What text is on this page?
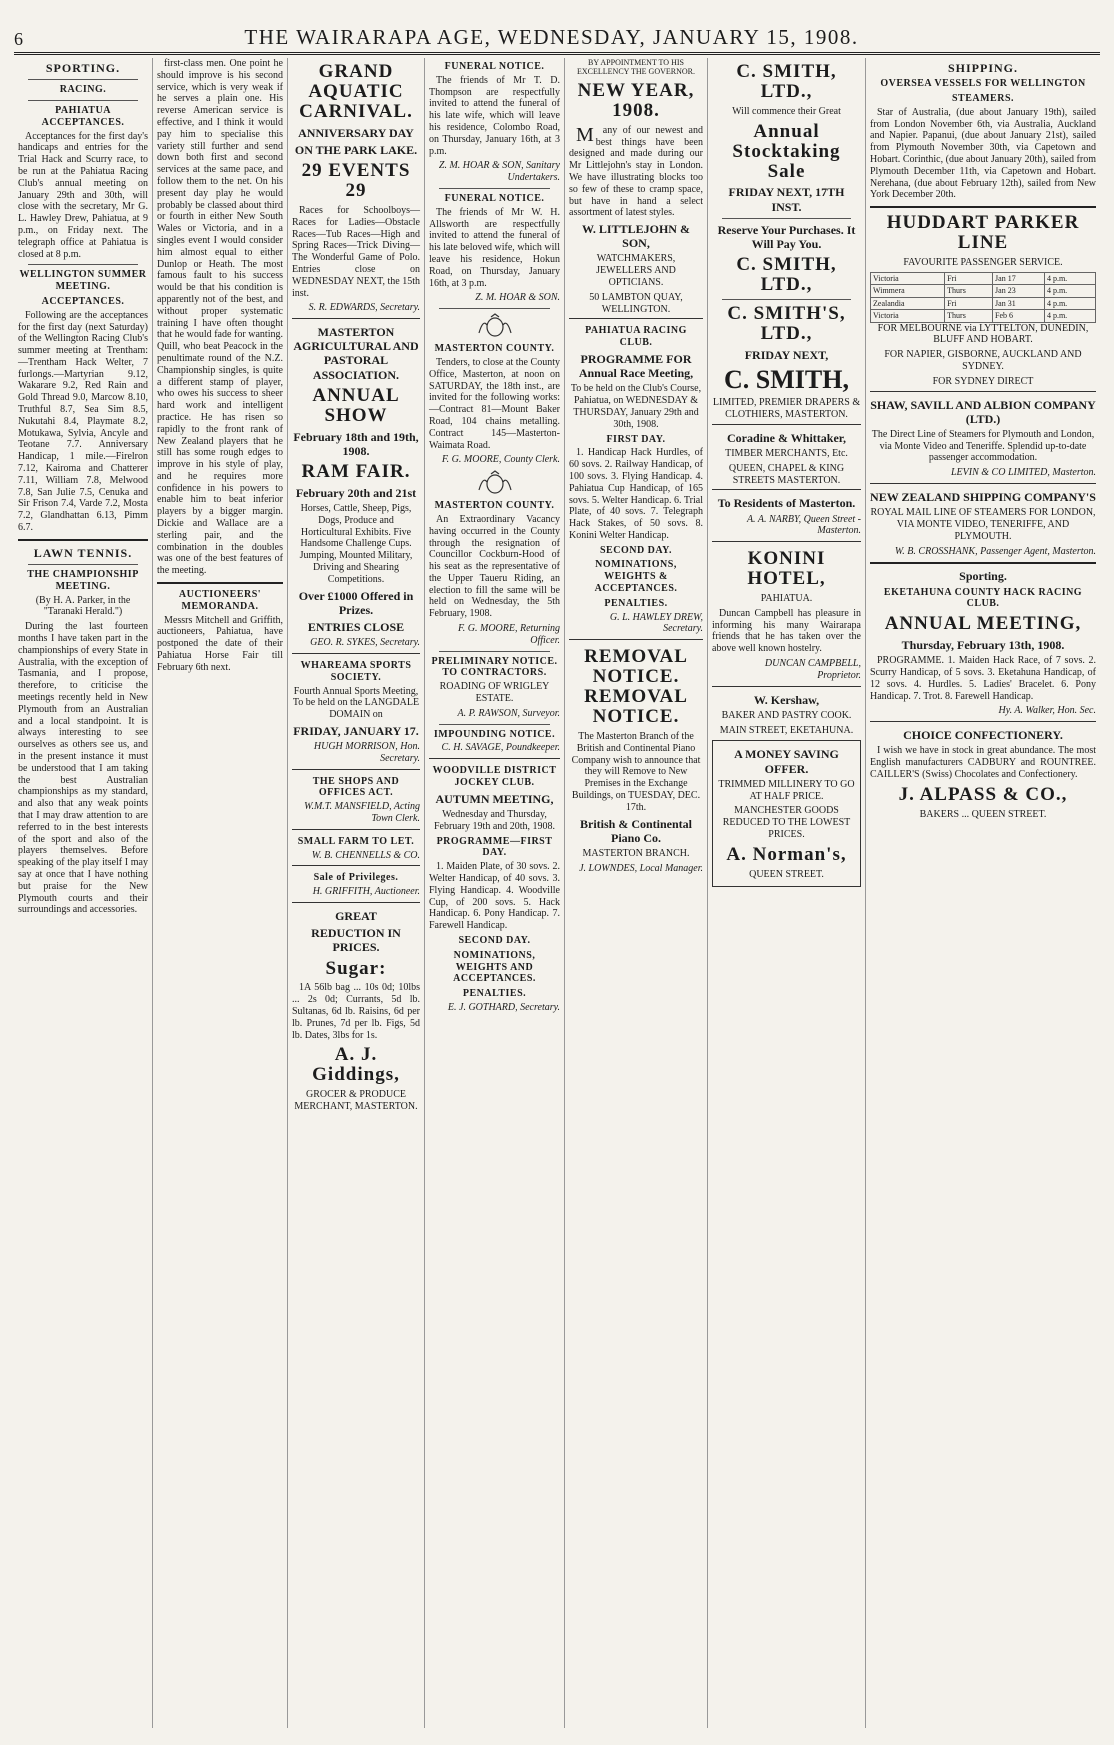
6	THE WAIRARAPA AGE, WEDNESDAY, JANUARY 15, 1908.
SPORTING.
RACING.
PAHIATUA ACCEPTANCES.

Acceptances for the first day's handicaps and entries for the Trial Hack and Scurry race, to be run at the Pahiatua Racing Club's annual meeting on January 29th and 30th, will close with the secretary, Mr G. L. Hawley Drew, Pahiatua, at 9 p.m., on Friday next. The telegraph office at Pahiatua is closed at 8 p.m.

WELLINGTON SUMMER MEETING.
ACCEPTANCES.

Following are the acceptances for the first day (next Saturday) of the Wellington Racing Club's summer meeting at Trentham:—Trentham Hack Welter, 7 furlongs.—Martyrian 9.12, Wakarare 9.2, Red Rain and Gold Thread 9.0, Marcow 8.10, Truthful 8.7, Sea Sim 8.5, Nukutahi 8.4, Playmate 8.2, Motukawa, Sylvia, Ancyle and Teotane 7.7. Anniversary Handicap, 1 mile.—Firelron 7.12, Kairoma and Chatterer 7.11, William 7.8, Melwood 7.8, San Julie 7.5, Cenuka and Sir Frison 7.4, Varde 7.2, Mosta 7.2, Glandhattan 6.13, Pimm 6.7.

LAWN TENNIS.
THE CHAMPIONSHIP MEETING.

(By H. A. Parker, in the "Taranaki Herald.")

During the last fourteen months I have taken part in the championships of every State in Australia, with the exception of Tasmania, and I propose, therefore, to criticise the meetings recently held in New Plymouth from an Australian and a local standpoint. It is always interesting to see ourselves as others see us, and in the present instance it must be understood that I am taking the best Australian championships as my standard, and also that any weak points that I may draw attention to are referred to in the best interests of the sport and also of the players themselves. Before speaking of the play itself I may say at once that I have nothing but praise for the New Plymouth courts and their surroundings and accessories.

first-class men. One point he should improve is his second service, which is very weak if he serves a plain one. His reverse American service is effective, and I think it would pay him to specialise this variety still further and send down both first and second services at the same pace, and follow them to the net. On his present day play he would probably be classed about third or fourth in either New South Wales or Victoria, and in a singles event I would consider him almost equal to either Dunlop or Heath. The most famous fault to his success would be that his condition is apparently not of the best, and without proper systematic training I have often thought that he would fade for wanting. Quill, who beat Peacock in the penultimate round of the N.Z. Championship singles, is quite a different stamp of player, who owes his success to sheer hard work and intelligent practice. He has risen so rapidly to the front rank of New Zealand players that he still has some rough edges to improve in his style of play, and he requires more confidence in his powers to enable him to beat inferior players by a bigger margin. Dickie and Wallace are a sterling pair, and the combination in the doubles was one of the best features of the meeting.

AUCTIONEERS' MEMORANDA.

Messrs Mitchell and Griffith, auctioneers, Pahiatua, have postponed the date of their Pahiatua Horse Fair till February 6th next.

GRAND AQUATIC CARNIVAL.
ANNIVERSARY DAY
ON THE PARK LAKE.
29 EVENTS 29

Races for Schoolboys—Races for Ladies—Obstacle Races—Tub Races—High and Spring Races—Trick Diving—The Wonderful Game of Polo. Entries close on WEDNESDAY NEXT, the 15th inst.

S. R. EDWARDS, Secretary.

MASTERTON AGRICULTURAL AND PASTORAL ASSOCIATION.
ANNUAL SHOW
February 18th and 19th, 1908.
RAM FAIR.
February 20th and 21st

Horses, Cattle, Sheep, Pigs, Dogs, Produce and Horticultural Exhibits. Five Handsome Challenge Cups. Jumping, Mounted Military, Driving and Shearing Competitions.

Over £1000 Offered in Prizes.
ENTRIES CLOSE

GEO. R. SYKES, Secretary.

WHAREAMA SPORTS SOCIETY.

Fourth Annual Sports Meeting, To be held on the LANGDALE DOMAIN on

FRIDAY, JANUARY 17.

HUGH MORRISON, Hon. Secretary.

THE SHOPS AND OFFICES ACT.

W.M.T. MANSFIELD, Acting Town Clerk.

SMALL FARM TO LET.

W. B. CHENNELLS & CO.

Sale of Privileges.

H. GRIFFITH, Auctioneer.

GREAT
REDUCTION IN PRICES.
Sugar:

1A 56lb bag ... 10s 0d; 10lbs ... 2s 0d; Currants, 5d lb. Sultanas, 6d lb. Raisins, 6d per lb. Prunes, 7d per lb. Figs, 5d lb. Dates, 3lbs for 1s.

A. J. Giddings,

GROCER & PRODUCE MERCHANT, MASTERTON.

FUNERAL NOTICE.

The friends of Mr T. D. Thompson are respectfully invited to attend the funeral of his late wife, which will leave his residence, Colombo Road, on Thursday, January 16th, at 3 p.m.

Z. M. HOAR & SON, Sanitary Undertakers.

FUNERAL NOTICE.

The friends of Mr W. H. Allsworth are respectfully invited to attend the funeral of his late beloved wife, which will leave his residence, Hokun Road, on Thursday, January 16th, at 3 p.m.

Z. M. HOAR & SON.

MASTERTON COUNTY.

Tenders, to close at the County Office, Masterton, at noon on SATURDAY, the 18th inst., are invited for the following works:—Contract 81—Mount Baker Road, 104 chains metalling. Contract 145—Masterton-Waimata Road.

F. G. MOORE, County Clerk.

MASTERTON COUNTY.

An Extraordinary Vacancy having occurred in the County through the resignation of Councillor Cockburn-Hood of his seat as the representative of the Upper Taueru Riding, an election to fill the same will be held on Wednesday, the 5th February, 1908.

F. G. MOORE, Returning Officer.

PRELIMINARY NOTICE. TO CONTRACTORS.

ROADING OF WRIGLEY ESTATE.

A. P. RAWSON, Surveyor.

IMPOUNDING NOTICE.

C. H. SAVAGE, Poundkeeper.

WOODVILLE DISTRICT JOCKEY CLUB.
AUTUMN MEETING,

Wednesday and Thursday, February 19th and 20th, 1908.

PROGRAMME—FIRST DAY.

1. Maiden Plate, of 30 sovs. 2. Welter Handicap, of 40 sovs. 3. Flying Handicap. 4. Woodville Cup, of 200 sovs. 5. Hack Handicap. 6. Pony Handicap. 7. Farewell Handicap.

SECOND DAY.
NOMINATIONS, WEIGHTS AND ACCEPTANCES.
PENALTIES.

E. J. GOTHARD, Secretary.

BY APPOINTMENT TO HIS EXCELLENCY THE GOVERNOR.

NEW YEAR, 1908.

Many of our newest and best things have been designed and made during our Mr Littlejohn's stay in London. We have illustrating blocks too so few of these to cramp space, but have in hand a select assortment of latest styles.

W. LITTLEJOHN & SON,

WATCHMAKERS, JEWELLERS AND OPTICIANS.

50 LAMBTON QUAY, WELLINGTON.

PAHIATUA RACING CLUB.
PROGRAMME FOR Annual Race Meeting,

To be held on the Club's Course, Pahiatua, on WEDNESDAY & THURSDAY, January 29th and 30th, 1908.

FIRST DAY.

1. Handicap Hack Hurdles, of 60 sovs. 2. Railway Handicap, of 100 sovs. 3. Flying Handicap. 4. Pahiatua Cup Handicap, of 165 sovs. 5. Welter Handicap. 6. Trial Plate, of 40 sovs. 7. Telegraph Hack Stakes, of 50 sovs. 8. Konini Welter Handicap.

SECOND DAY.
NOMINATIONS, WEIGHTS & ACCEPTANCES.
PENALTIES.

G. L. HAWLEY DREW, Secretary.

REMOVAL NOTICE. REMOVAL NOTICE.

The Masterton Branch of the British and Continental Piano Company wish to announce that they will Remove to New Premises in the Exchange Buildings, on TUESDAY, DEC. 17th.

British & Continental Piano Co.

MASTERTON BRANCH.

J. LOWNDES, Local Manager.

C. SMITH, LTD.,

Will commence their Great

Annual Stocktaking Sale
FRIDAY NEXT, 17TH INST.
Reserve Your Purchases. It Will Pay You.
C. SMITH, LTD.,
C. SMITH'S, LTD.,
FRIDAY NEXT,
C. SMITH,

LIMITED, PREMIER DRAPERS & CLOTHIERS, MASTERTON.

Coradine & Whittaker,

TIMBER MERCHANTS, Etc.

QUEEN, CHAPEL & KING STREETS MASTERTON.

To Residents of Masterton.

A. A. NARBY, Queen Street - Masterton.

KONINI HOTEL,

PAHIATUA.

Duncan Campbell has pleasure in informing his many Wairarapa friends that he has taken over the above well known hostelry.

DUNCAN CAMPBELL, Proprietor.

W. Kershaw,

BAKER AND PASTRY COOK.

MAIN STREET, EKETAHUNA.

A MONEY SAVING OFFER.

TRIMMED MILLINERY TO GO AT HALF PRICE.

MANCHESTER GOODS REDUCED TO THE LOWEST PRICES.

A. Norman's,

QUEEN STREET.

SHIPPING.
OVERSEA VESSELS FOR WELLINGTON
STEAMERS.

Star of Australia, (due about January 19th), sailed from London November 6th, via Australia, Auckland and Napier. Papanui, (due about January 21st), sailed from Plymouth November 30th, via Capetown and Hobart. Corinthic, (due about January 20th), sailed from Plymouth December 11th, via Capetown and Hobart. Nerehana, (due about February 12th), sailed from New York December 20th.

HUDDART PARKER LINE

FAVOURITE PASSENGER SERVICE.

Victoria	Fri	Jan 17	4 p.m.
Wimmera	Thurs	Jan 23	4 p.m.
Zealandia	Fri	Jan 31	4 p.m.
Victoria	Thurs	Feb 6	4 p.m.

FOR MELBOURNE via LYTTELTON, DUNEDIN, BLUFF AND HOBART.

FOR NAPIER, GISBORNE, AUCKLAND AND SYDNEY.

FOR SYDNEY DIRECT

SHAW, SAVILL AND ALBION COMPANY (LTD.)

The Direct Line of Steamers for Plymouth and London, via Monte Video and Teneriffe. Splendid up-to-date passenger accommodation.

LEVIN & CO LIMITED, Masterton.

NEW ZEALAND SHIPPING COMPANY'S

ROYAL MAIL LINE OF STEAMERS FOR LONDON, VIA MONTE VIDEO, TENERIFFE, AND PLYMOUTH.

W. B. CROSSHANK, Passenger Agent, Masterton.

Sporting.
EKETAHUNA COUNTY HACK RACING CLUB.
ANNUAL MEETING,
Thursday, February 13th, 1908.

PROGRAMME. 1. Maiden Hack Race, of 7 sovs. 2. Scurry Handicap, of 5 sovs. 3. Eketahuna Handicap, of 12 sovs. 4. Hurdles. 5. Ladies' Bracelet. 6. Pony Handicap. 7. Trot. 8. Farewell Handicap.

Hy. A. Walker, Hon. Sec.

CHOICE CONFECTIONERY.

I wish we have in stock in great abundance. The most English manufacturers CADBURY and ROUNTREE. CAILLER'S (Swiss) Chocolates and Confectionery.

J. ALPASS & CO.,

BAKERS ... QUEEN STREET.
